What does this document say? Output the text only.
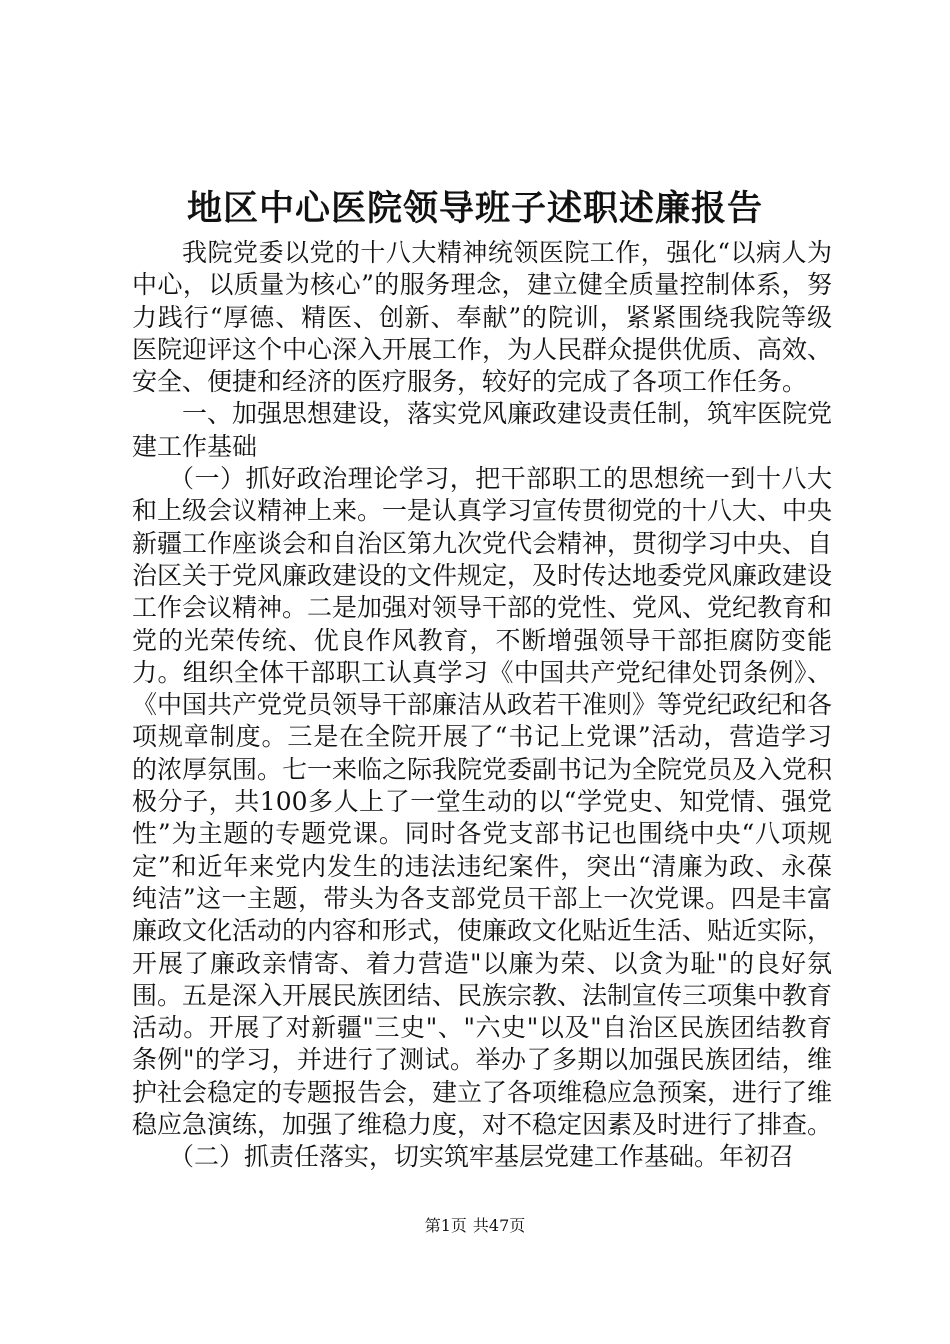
地区中心医院领导班子述职述廉报告

我院党委以党的十八大精神统领医院工作，强化“以病人为中心，以质量为核心”的服务理念，建立健全质量控制体系，努力践行“厚德、精医、创新、奉献”的院训，紧紧围绕我院等级医院迎评这个中心深入开展工作，为人民群众提供优质、高效、安全、便捷和经济的医疗服务，较好的完成了各项工作任务。

一、加强思想建设，落实党风廉政建设责任制，筑牢医院党建工作基础

（一）抓好政治理论学习，把干部职工的思想统一到十八大和上级会议精神上来。一是认真学习宣传贯彻党的十八大、中央新疆工作座谈会和自治区第九次党代会精神，贯彻学习中央、自治区关于党风廉政建设的文件规定，及时传达地委党风廉政建设工作会议精神。二是加强对领导干部的党性、党风、党纪教育和党的光荣传统、优良作风教育，不断增强领导干部拒腐防变能力。组织全体干部职工认真学习《中国共产党纪律处罚条例》、《中国共产党党员领导干部廉洁从政若干准则》等党纪政纪和各项规章制度。三是在全院开展了“书记上党课”活动，营造学习的浓厚氛围。七一来临之际我院党委副书记为全院党员及入党积极分子，共100多人上了一堂生动的以“学党史、知党情、强党性”为主题的专题党课。同时各党支部书记也围绕中央“八项规定”和近年来党内发生的违法违纪案件，突出“清廉为政、永葆纯洁”这一主题，带头为各支部党员干部上一次党课。四是丰富廉政文化活动的内容和形式，使廉政文化贴近生活、贴近实际，开展了廉政亲情寄、着力营造"以廉为荣、以贪为耻"的良好氛围。五是深入开展民族团结、民族宗教、法制宣传三项集中教育活动。开展了对新疆"三史"、"六史"以及"自治区民族团结教育条例"的学习，并进行了测试。举办了多期以加强民族团结，维护社会稳定的专题报告会，建立了各项维稳应急预案，进行了维稳应急演练，加强了维稳力度，对不稳定因素及时进行了排查。

（二）抓责任落实，切实筑牢基层党建工作基础。年初召

第1页 共47页
